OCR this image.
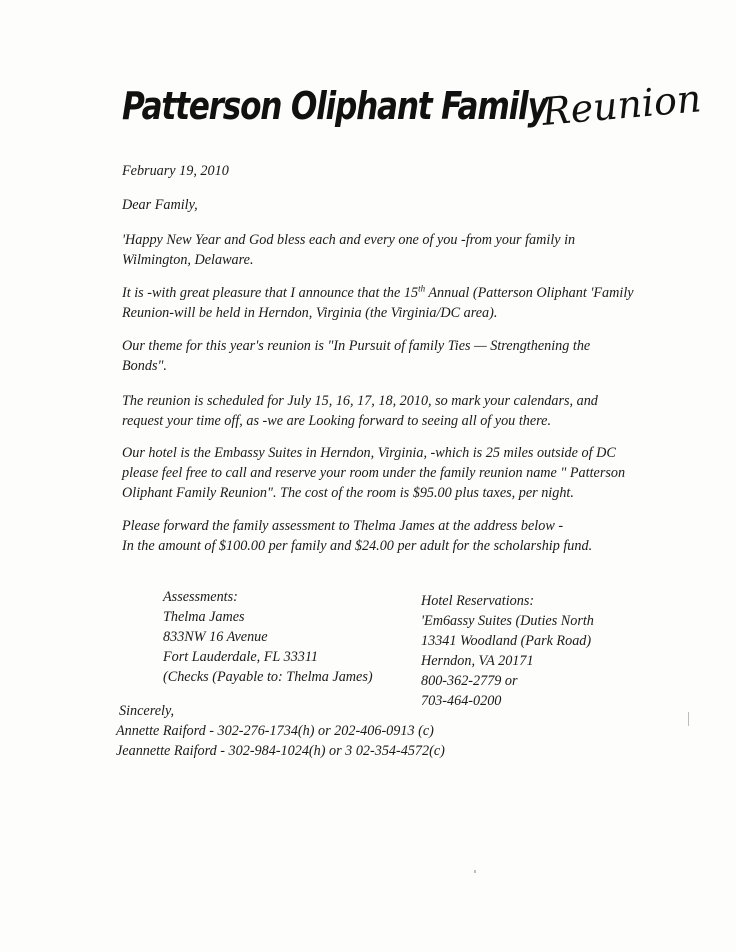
Patterson Oliphant Family
Reunion
February 19, 2010
Dear Family,
'Happy New Year and God bless each and every one of you -from your family in
Wilmington, Delaware.
It is -with great pleasure that I announce that the 15th Annual (Patterson Oliphant 'Family
Reunion-will be held in Herndon, Virginia (the Virginia/DC area).
Our theme for this year's reunion is "In Pursuit of family Ties — Strengthening the
Bonds".
The reunion is scheduled for July 15, 16, 17, 18, 2010, so mark your calendars, and
request your time off, as -we are Looking forward to seeing all of you there.
Our hotel is the Embassy Suites in Herndon, Virginia, -which is 25 miles outside of DC
please feel free to call and reserve your room under the family reunion name " Patterson
Oliphant Family Reunion". The cost of the room is $95.00 plus taxes, per night.
Please forward the family assessment to Thelma James at the address below -
In the amount of $100.00 per family and $24.00 per adult for the scholarship fund.
Assessments:
Thelma James
833NW 16 Avenue
Fort Lauderdale, FL 33311
(Checks (Payable to: Thelma James)
Hotel Reservations:
'Em6assy Suites (Duties North
13341 Woodland (Park Road)
Herndon, VA 20171
800-362-2779 or
703-464-0200
Sincerely,
Annette Raiford - 302-276-1734(h) or 202-406-0913 (c)
Jeannette Raiford - 302-984-1024(h) or 3 02-354-4572(c)
